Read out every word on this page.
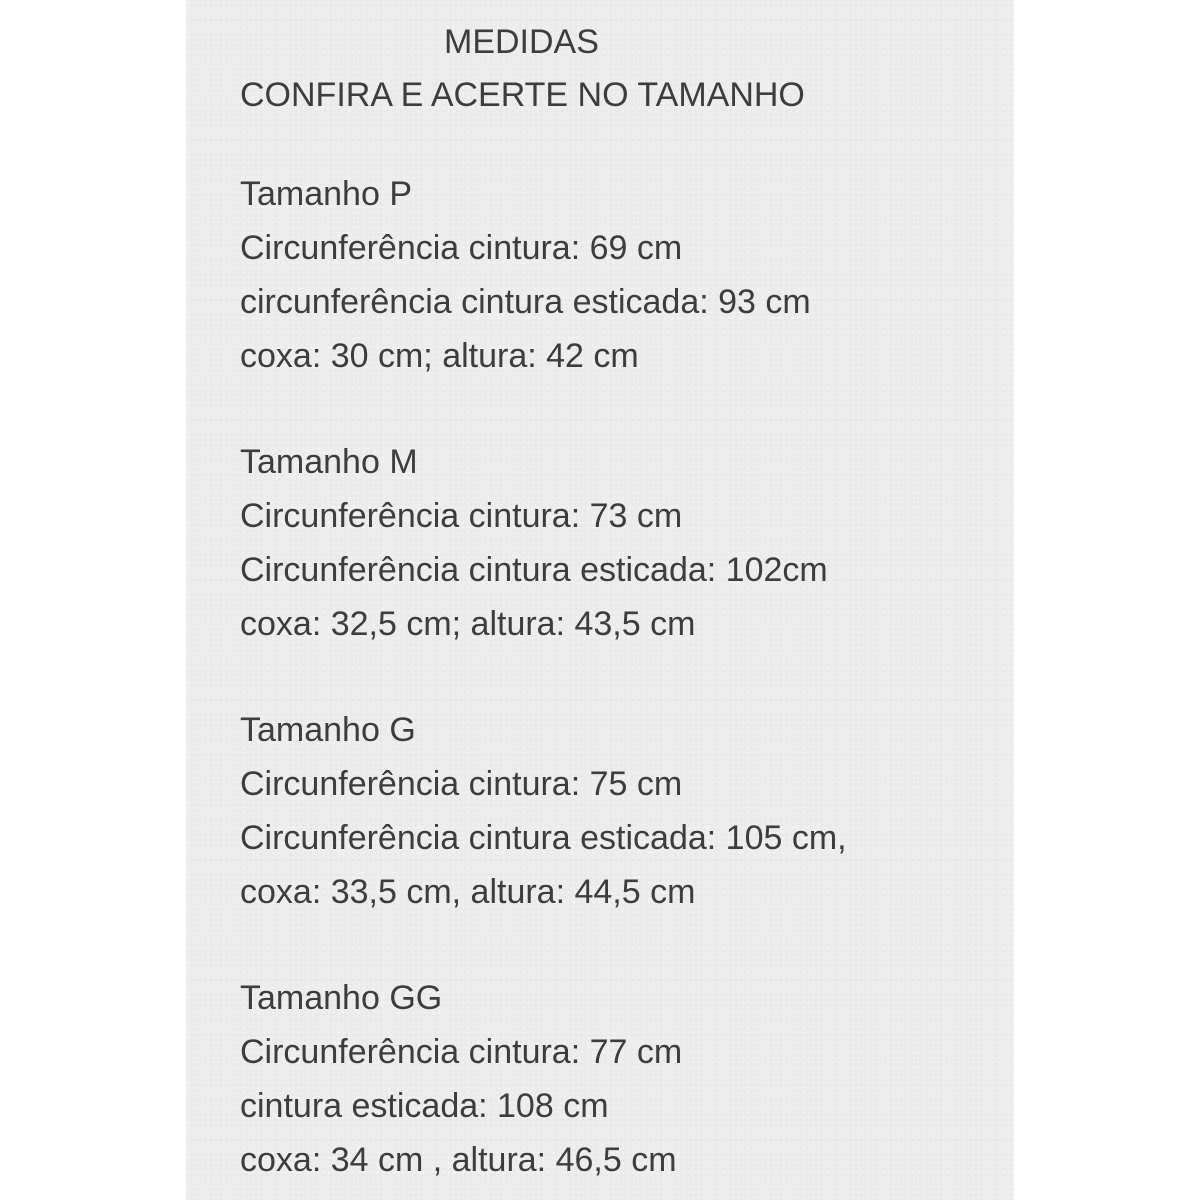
MEDIDAS
CONFIRA E ACERTE NO TAMANHO
Tamanho P
Circunferência cintura: 69 cm
circunferência cintura esticada: 93 cm
coxa: 30 cm; altura: 42 cm
Tamanho M
Circunferência cintura: 73 cm
Circunferência cintura esticada: 102cm
coxa: 32,5 cm; altura: 43,5 cm
Tamanho G
Circunferência cintura: 75 cm
Circunferência cintura esticada: 105 cm,
coxa: 33,5 cm, altura: 44,5 cm
Tamanho GG
Circunferência cintura: 77 cm
cintura esticada: 108 cm
coxa: 34 cm , altura: 46,5 cm
